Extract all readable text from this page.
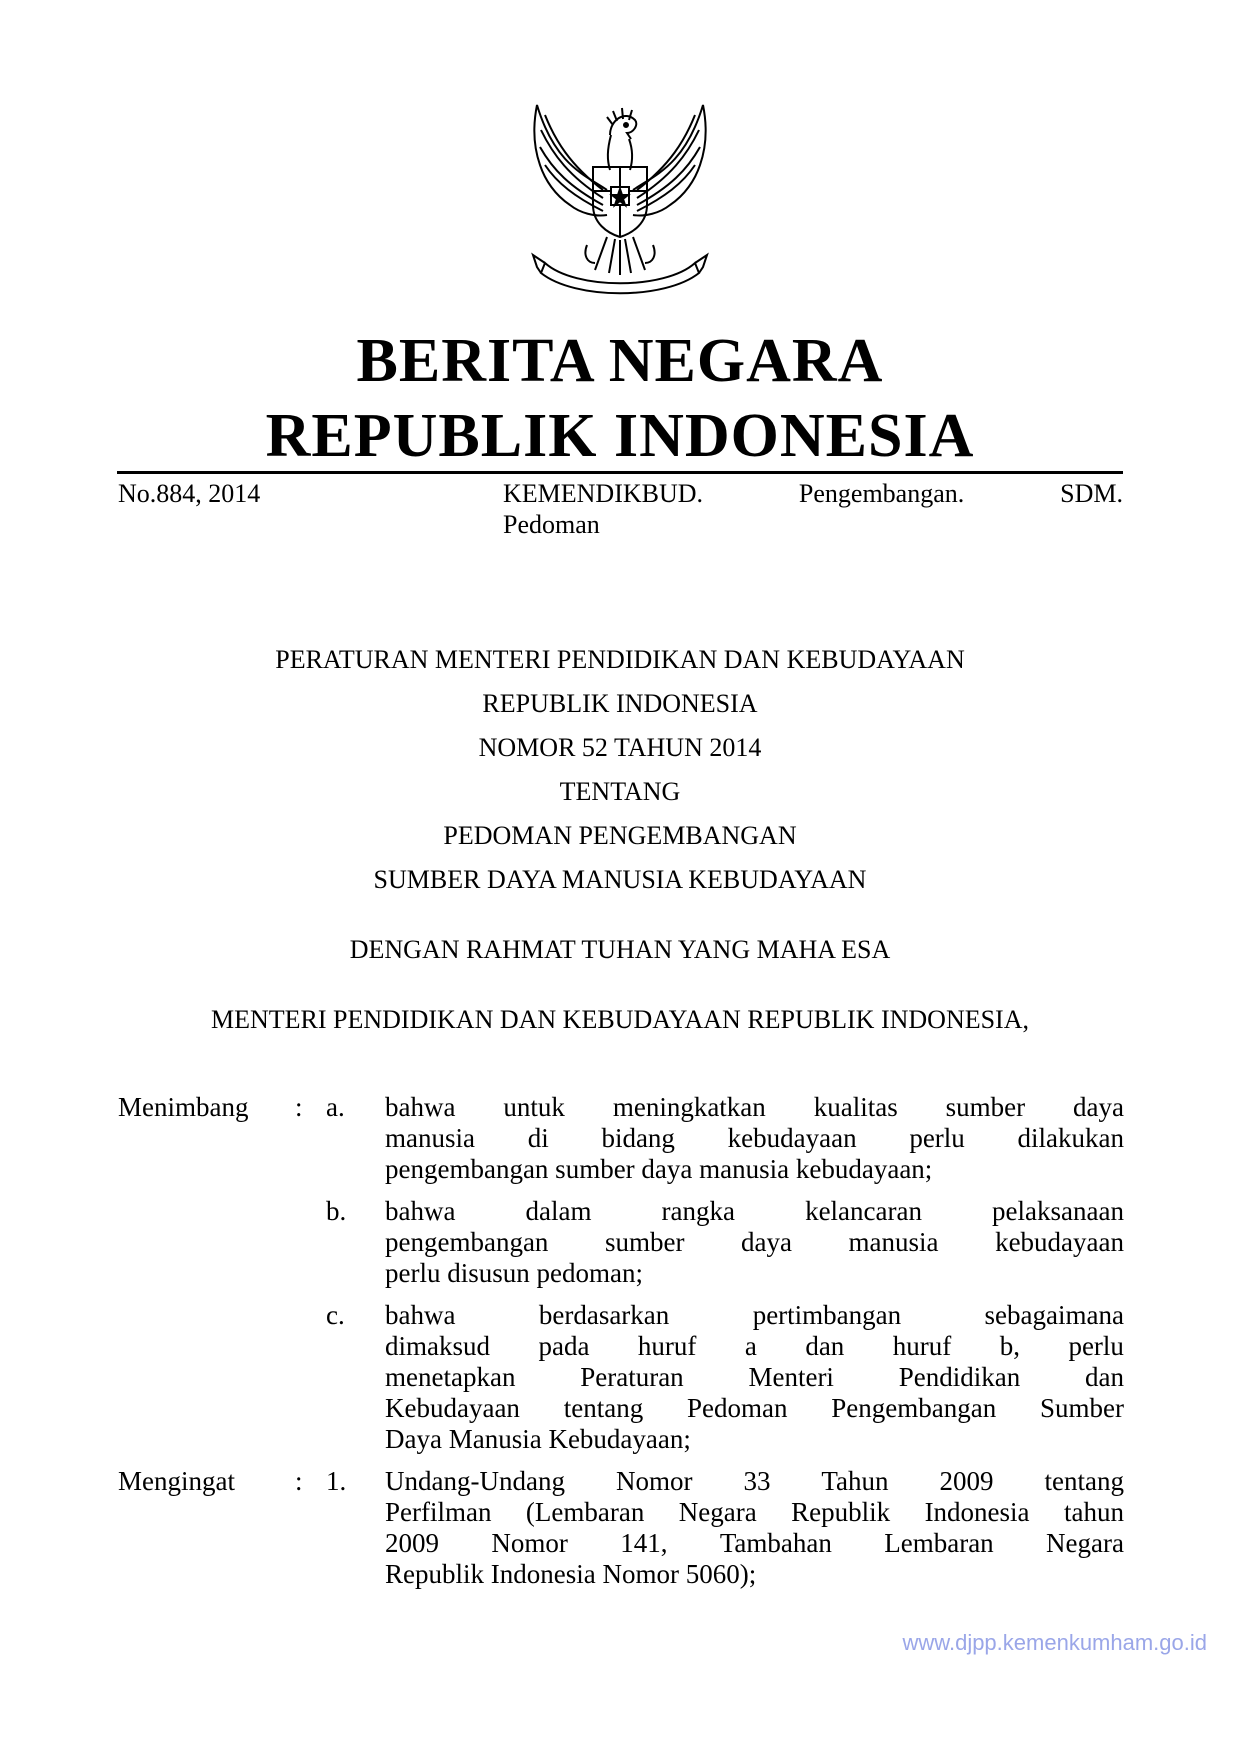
BERITA NEGARA
REPUBLIK INDONESIA
No.884, 2014	KEMENDIKBUD.	Pengembangan.	SDM.
Pedoman
PERATURAN MENTERI PENDIDIKAN DAN KEBUDAYAAN
REPUBLIK INDONESIA
NOMOR 52 TAHUN 2014
TENTANG
PEDOMAN PENGEMBANGAN
SUMBER DAYA MANUSIA KEBUDAYAAN
DENGAN RAHMAT TUHAN YANG MAHA ESA
MENTERI PENDIDIKAN DAN KEBUDAYAAN REPUBLIK INDONESIA,
Menimbang : a.	bahwa untuk meningkatkan kualitas sumber daya
manusia di bidang kebudayaan perlu dilakukan
pengembangan sumber daya manusia kebudayaan;
b.	bahwa	dalam	rangka	kelancaran	pelaksanaan
pengembangan sumber daya manusia kebudayaan
perlu disusun pedoman;
c.	bahwa	berdasarkan	pertimbangan	sebagaimana
dimaksud pada huruf a dan huruf b, perlu
menetapkan Peraturan Menteri Pendidikan dan
Kebudayaan tentang Pedoman Pengembangan Sumber
Daya Manusia Kebudayaan;
Mengingat : 1.	Undang-Undang Nomor 33 Tahun 2009 tentang
Perfilman (Lembaran Negara Republik Indonesia tahun
2009 Nomor 141, Tambahan Lembaran Negara
Republik Indonesia Nomor 5060);
www.djpp.kemenkumham.go.id
